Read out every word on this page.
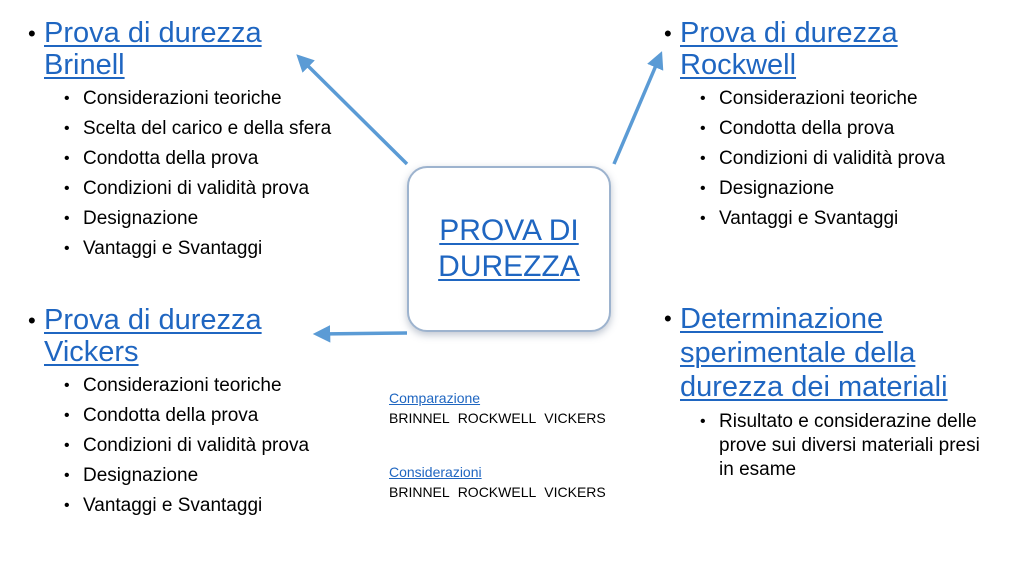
• Prova di durezza Brinell
• Considerazioni teoriche
• Scelta del carico e della sfera
• Condotta della prova
• Condizioni di validità prova
• Designazione
• Vantaggi e Svantaggi
• Prova di durezza Vickers
• Considerazioni teoriche
• Condotta della prova
• Condizioni di validità prova
• Designazione
• Vantaggi e Svantaggi
• Prova di durezza Rockwell
• Considerazioni teoriche
• Condotta della prova
• Condizioni di validità prova
• Designazione
• Vantaggi e Svantaggi
• Determinazione sperimentale della durezza dei materiali
• Risultato e considerazine delle prove sui diversi materiali presi in esame
PROVA DI DUREZZA
Comparazione
BRINNEL ROCKWELL VICKERS
Considerazioni
BRINNEL ROCKWELL VICKERS
